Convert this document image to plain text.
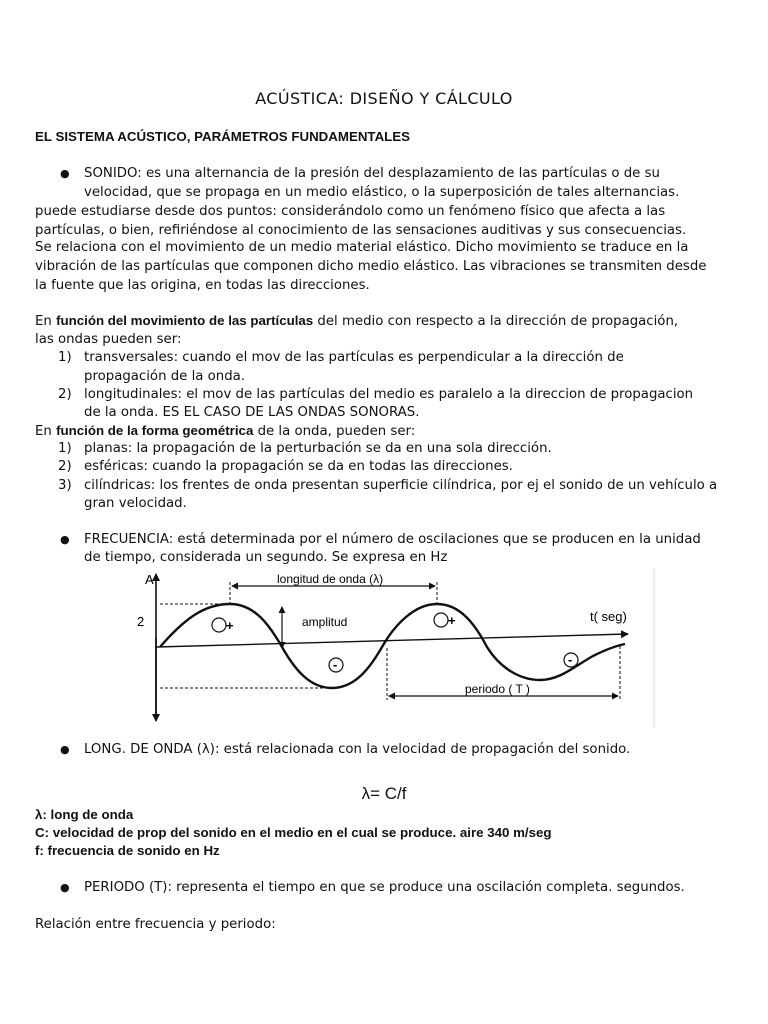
ACÚSTICA: DISEÑO Y CÁLCULO
EL SISTEMA ACÚSTICO, PARÁMETROS FUNDAMENTALES
● SONIDO: es una alternancia de la presión del desplazamiento de las partículas o de su
velocidad, que se propaga en un medio elástico, o la superposición de tales alternancias.
puede estudiarse desde dos puntos: considerándolo como un fenómeno físico que afecta a las
partículas, o bien, refiriéndose al conocimiento de las sensaciones auditivas y sus consecuencias.
Se relaciona con el movimiento de un medio material elástico. Dicho movimiento se traduce en la
vibración de las partículas que componen dicho medio elástico. Las vibraciones se transmiten desde
la fuente que las origina, en todas las direcciones.
En función del movimiento de las partículas del medio con respecto a la dirección de propagación,
las ondas pueden ser:
1) transversales: cuando el mov de las partículas es perpendicular a la dirección de
propagación de la onda.
2) longitudinales: el mov de las partículas del medio es paralelo a la direccion de propagacion
de la onda. ES EL CASO DE LAS ONDAS SONORAS.
En función de la forma geométrica de la onda, pueden ser:
1) planas: la propagación de la perturbación se da en una sola dirección.
2) esféricas: cuando la propagación se da en todas las direcciones.
3) cilíndricas: los frentes de onda presentan superficie cilíndrica, por ej el sonido de un vehículo a
gran velocidad.
● FRECUENCIA: está determinada por el número de oscilaciones que se producen en la unidad
de tiempo, considerada un segundo. Se expresa en Hz
A
2
longitud de onda (λ)
amplitud	t( seg)
periodo ( T )
+	+
-	-
● LONG. DE ONDA (λ): está relacionada con la velocidad de propagación del sonido.
λ= C/f
λ: long de onda
C: velocidad de prop del sonido en el medio en el cual se produce. aire 340 m/seg
f: frecuencia de sonido en Hz
● PERIODO (T): representa el tiempo en que se produce una oscilación completa. segundos.
Relación entre frecuencia y periodo:
